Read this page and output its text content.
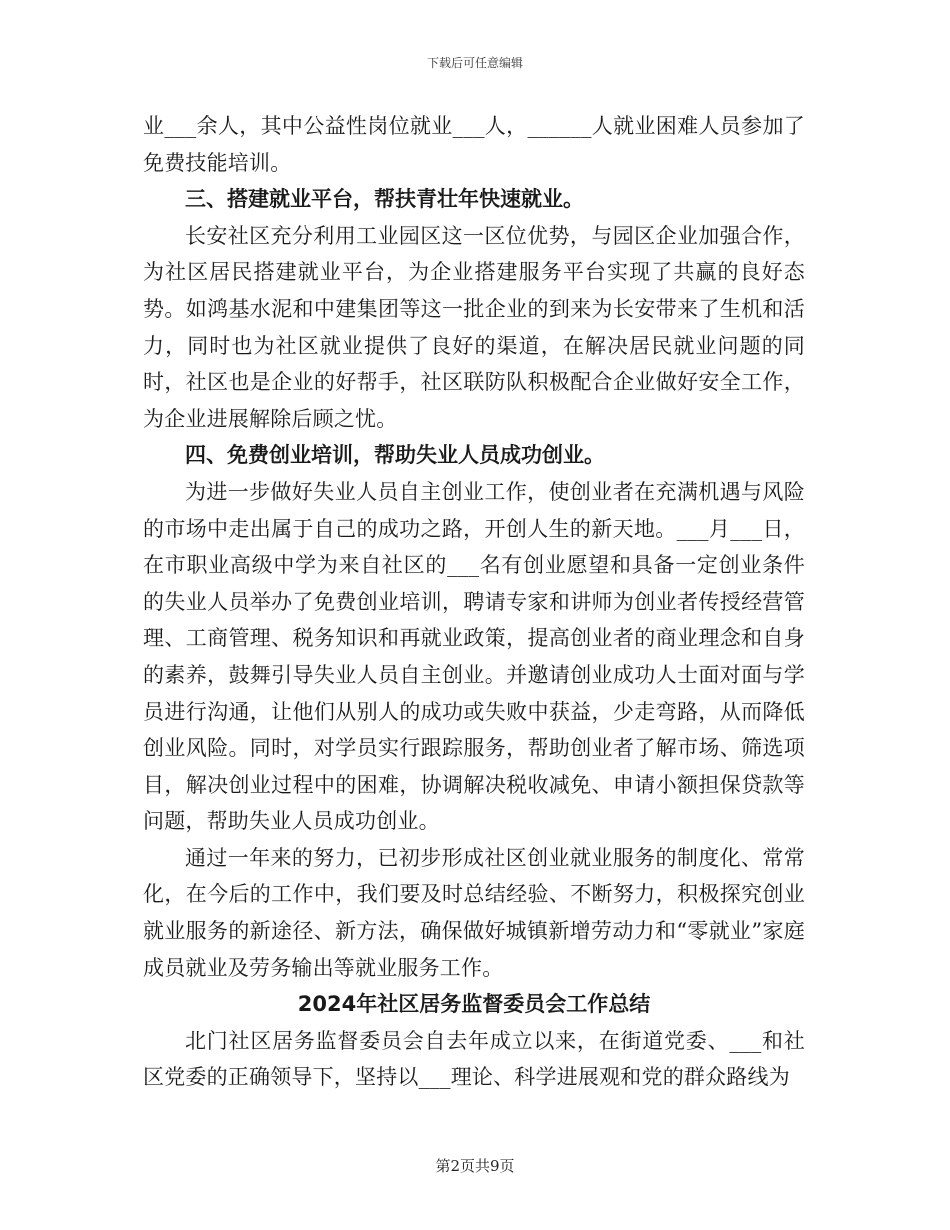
下载后可任意编辑

业___余人，其中公益性岗位就业___人，______人就业困难人员参加了免费技能培训。

三、搭建就业平台，帮扶青壮年快速就业。

长安社区充分利用工业园区这一区位优势，与园区企业加强合作，为社区居民搭建就业平台，为企业搭建服务平台实现了共赢的良好态势。如鸿基水泥和中建集团等这一批企业的到来为长安带来了生机和活力，同时也为社区就业提供了良好的渠道，在解决居民就业问题的同时，社区也是企业的好帮手，社区联防队积极配合企业做好安全工作，为企业进展解除后顾之忧。

四、免费创业培训，帮助失业人员成功创业。

为进一步做好失业人员自主创业工作，使创业者在充满机遇与风险的市场中走出属于自己的成功之路，开创人生的新天地。___月___日，在市职业高级中学为来自社区的___名有创业愿望和具备一定创业条件的失业人员举办了免费创业培训，聘请专家和讲师为创业者传授经营管理、工商管理、税务知识和再就业政策，提高创业者的商业理念和自身的素养，鼓舞引导失业人员自主创业。并邀请创业成功人士面对面与学员进行沟通，让他们从别人的成功或失败中获益，少走弯路，从而降低创业风险。同时，对学员实行跟踪服务，帮助创业者了解市场、筛选项目，解决创业过程中的困难，协调解决税收减免、申请小额担保贷款等问题，帮助失业人员成功创业。

通过一年来的努力，已初步形成社区创业就业服务的制度化、常常化，在今后的工作中，我们要及时总结经验、不断努力，积极探究创业就业服务的新途径、新方法，确保做好城镇新增劳动力和“零就业”家庭成员就业及劳务输出等就业服务工作。

2024年社区居务监督委员会工作总结

北门社区居务监督委员会自去年成立以来，在街道党委、___和社区党委的正确领导下，坚持以___理论、科学进展观和党的群众路线为

第2页共9页
